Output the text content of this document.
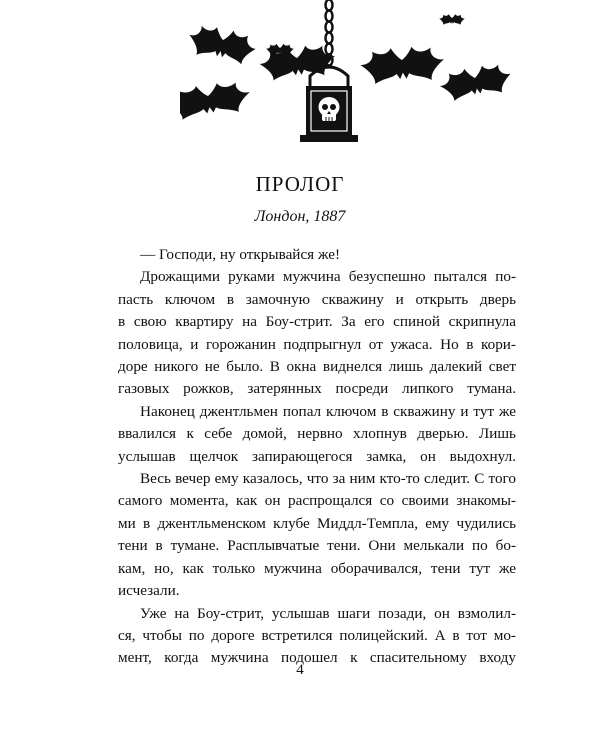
ПРОЛОГ
Лондон, 1887
— Господи, ну открывайся же!
Дрожащими руками мужчина безуспешно пытался по-
пасть ключом в замочную скважину и открыть дверь
в свою квартиру на Боу-стрит. За его спиной скрипнула
половица, и горожанин подпрыгнул от ужаса. Но в кори-
доре никого не было. В окна виднелся лишь далекий свет
газовых рожков, затерянных посреди липкого тумана.
Наконец джентльмен попал ключом в скважину и тут же
ввалился к себе домой, нервно хлопнув дверью. Лишь
услышав щелчок запирающегося замка, он выдохнул.
Весь вечер ему казалось, что за ним кто-то следит. С того
самого момента, как он распрощался со своими знакомы-
ми в джентльменском клубе Миддл-Темпла, ему чудились
тени в тумане. Расплывчатые тени. Они мелькали по бо-
кам, но, как только мужчина оборачивался, тени тут же
исчезали.
Уже на Боу-стрит, услышав шаги позади, он взмолил-
ся, чтобы по дороге встретился полицейский. А в тот мо-
мент, когда мужчина подошел к спасительному входу
4
